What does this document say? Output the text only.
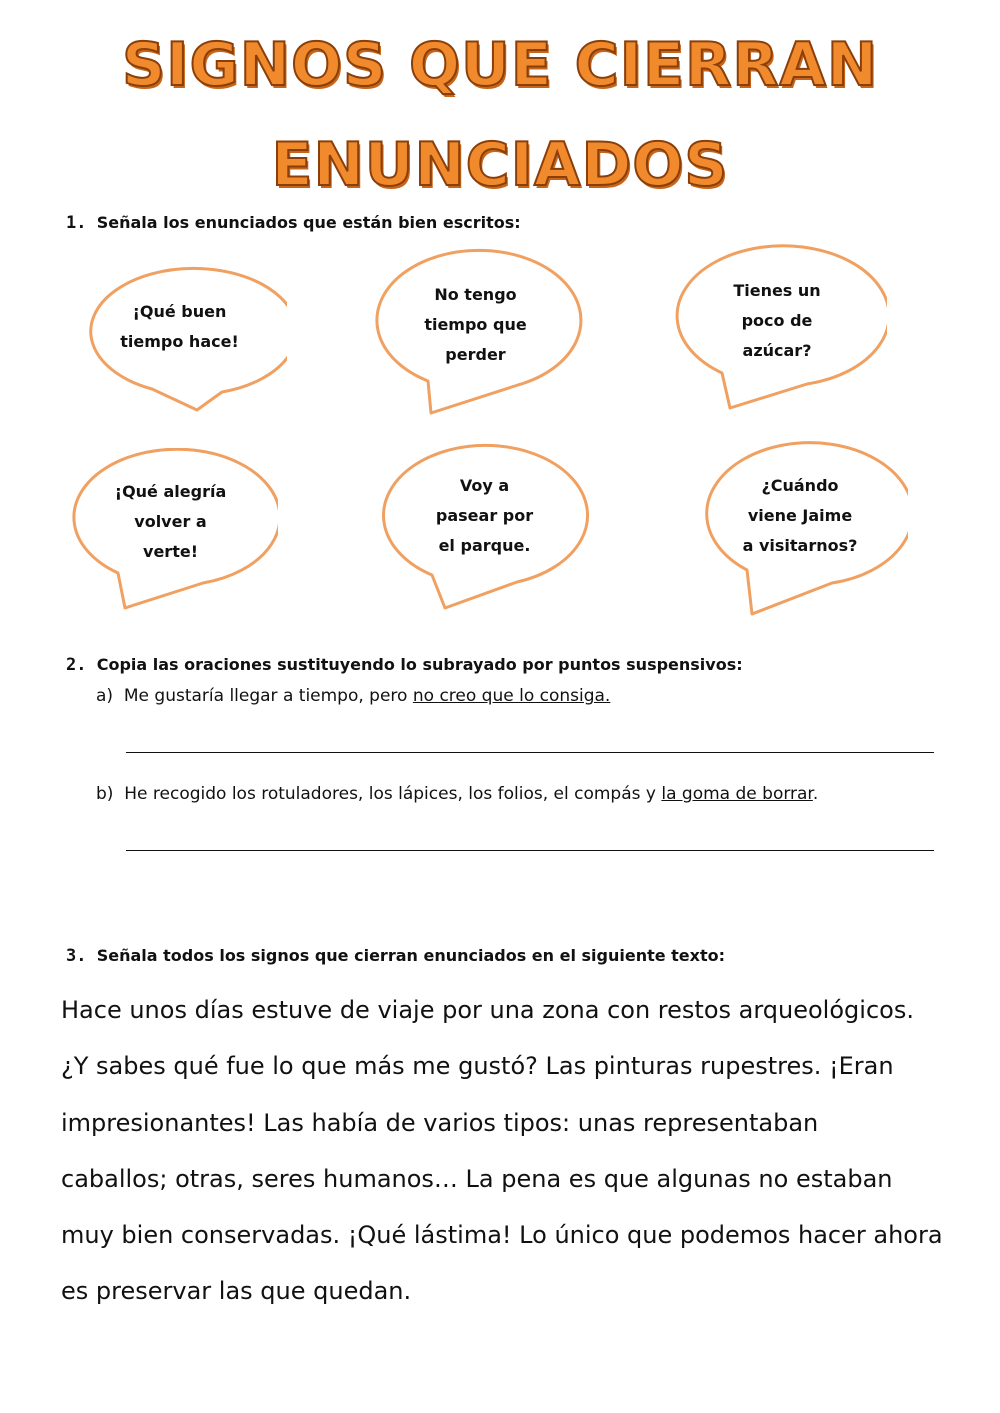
SIGNOS QUE CIERRAN
ENUNCIADOS
1. Señala los enunciados que están bien escritos:
¡Qué buen
tiempo hace!
No tengo
tiempo que
perder
Tienes un
poco de
azúcar?
¡Qué alegría
volver a
verte!
Voy a
pasear por
el parque.
¿Cuándo
viene Jaime
a visitarnos?
2. Copia las oraciones sustituyendo lo subrayado por puntos suspensivos:
a) Me gustaría llegar a tiempo, pero no creo que lo consiga.
b) He recogido los rotuladores, los lápices, los folios, el compás y la goma de borrar.
3. Señala todos los signos que cierran enunciados en el siguiente texto:
Hace unos días estuve de viaje por una zona con restos arqueológicos.
¿Y sabes qué fue lo que más me gustó? Las pinturas rupestres. ¡Eran
impresionantes! Las había de varios tipos: unas representaban
caballos; otras, seres humanos… La pena es que algunas no estaban
muy bien conservadas. ¡Qué lástima! Lo único que podemos hacer ahora
es preservar las que quedan.
